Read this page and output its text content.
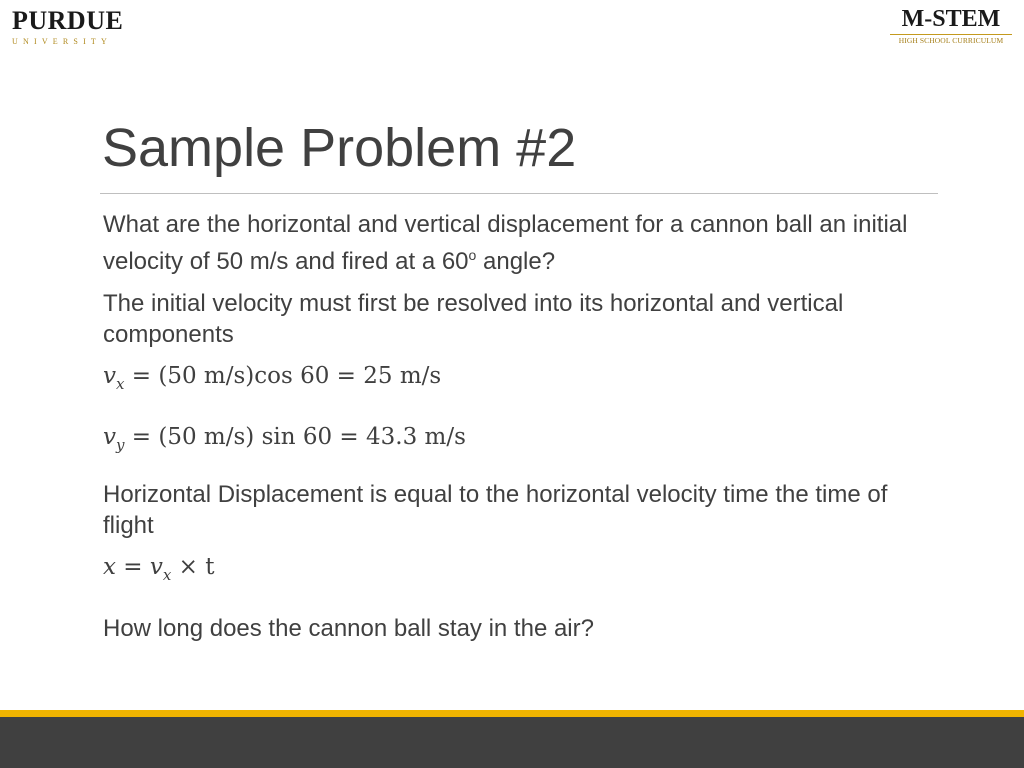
PURDUE
UNIVERSITY
M-STEM
HIGH SCHOOL CURRICULUM
Sample Problem #2

What are the horizontal and vertical displacement for a cannon ball an initial velocity of 50 m/s and fired at a 60$^o$ angle?

The initial velocity must first be resolved into its horizontal and vertical components

$v_x = (50$ m/s)cos 60 = 25 m/s

$v_y = (50$ m/s) sin 60 = 43.3 m/s

Horizontal Displacement is equal to the horizontal velocity time the time of flight

$x = v_x \times t$

How long does the cannon ball stay in the air?
